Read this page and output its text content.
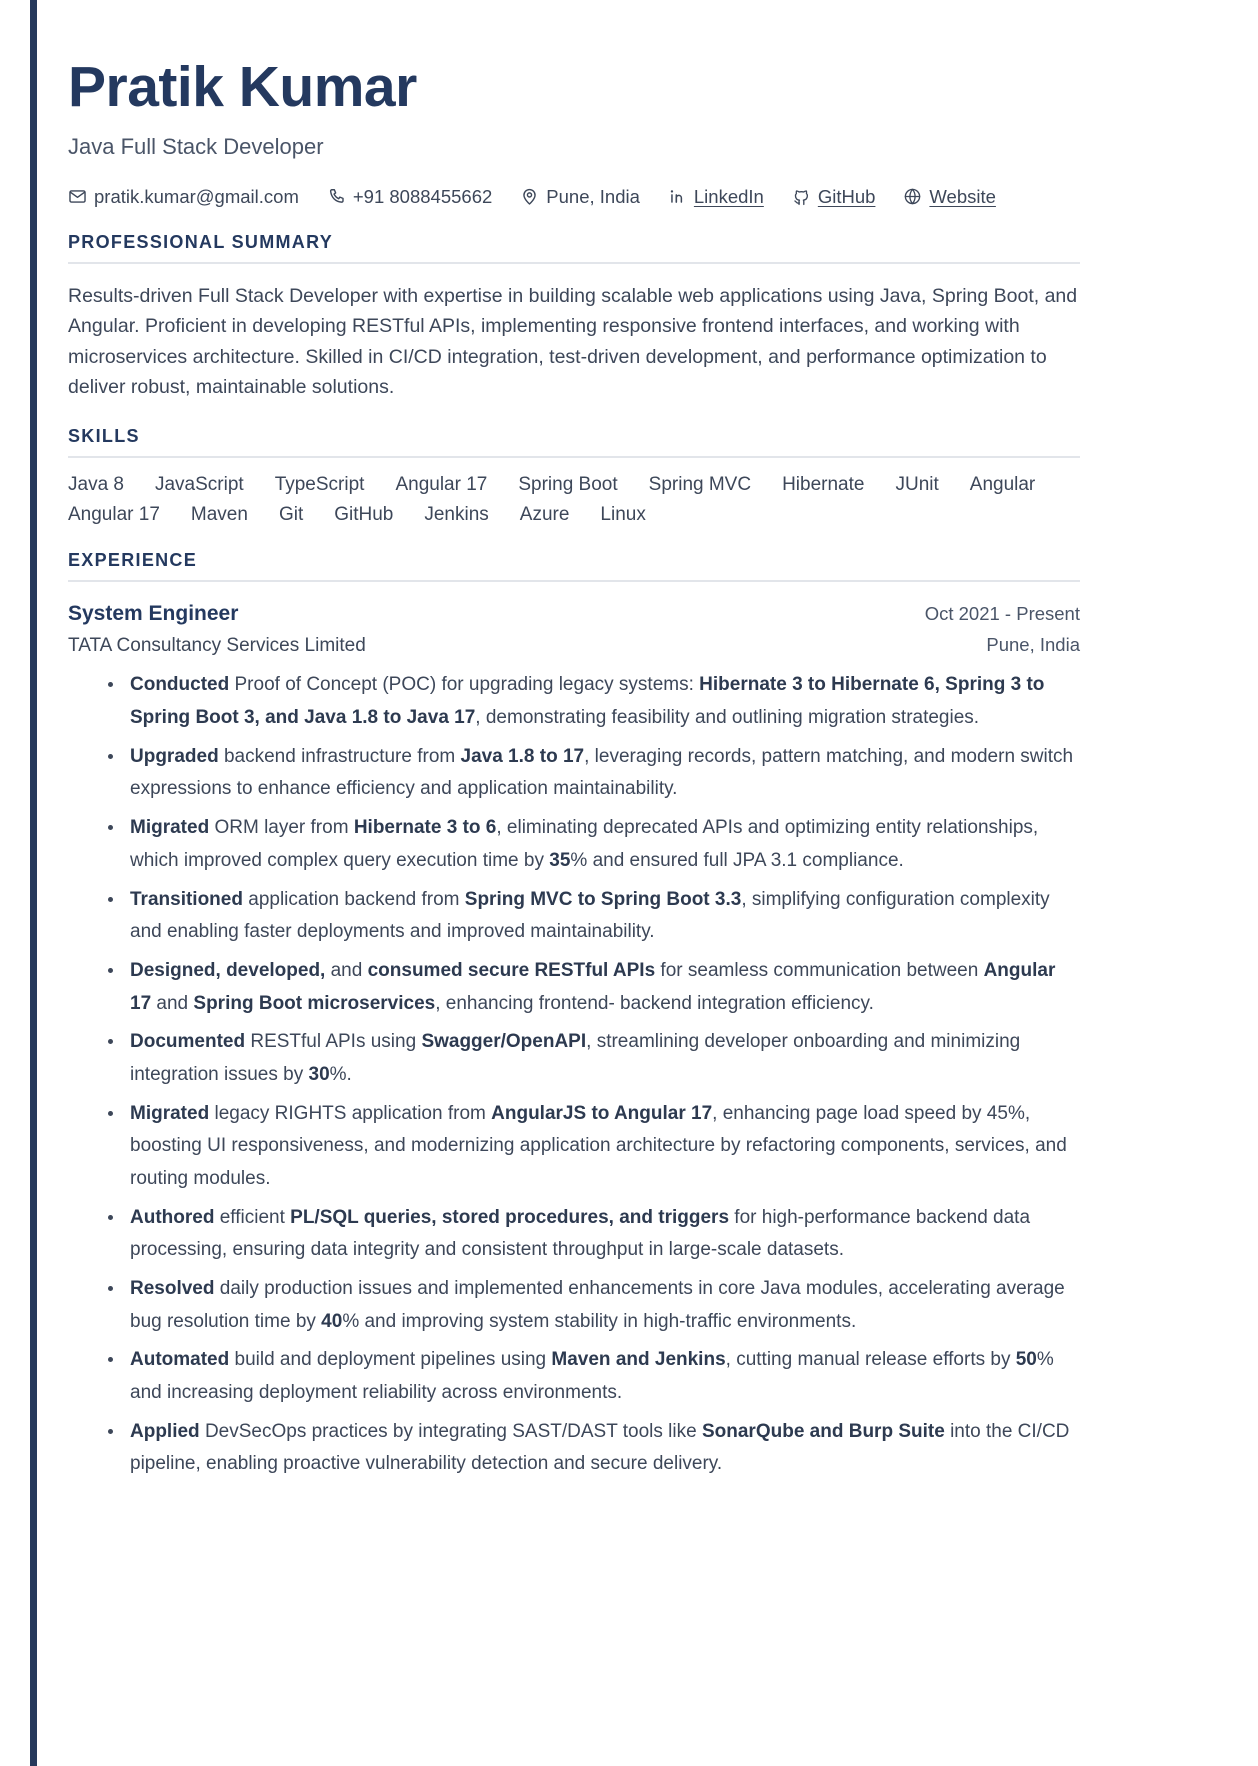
Pratik Kumar
Java Full Stack Developer
pratik.kumar@gmail.com	+91 8088455662	Pune, India	LinkedIn	GitHub	Website
PROFESSIONAL SUMMARY

Results-driven Full Stack Developer with expertise in building scalable web applications using Java, Spring Boot, and Angular. Proficient in developing RESTful APIs, implementing responsive frontend interfaces, and working with microservices architecture. Skilled in CI/CD integration, test-driven development, and performance optimization to deliver robust, maintainable solutions.

SKILLS
Java 8 JavaScript TypeScript Angular 17 Spring Boot Spring MVC Hibernate JUnit Angular
Angular 17 Maven Git GitHub Jenkins Azure Linux
EXPERIENCE
System Engineer	Oct 2021 - Present
TATA Consultancy Services Limited	Pune, India
Conducted Proof of Concept (POC) for upgrading legacy systems: Hibernate 3 to Hibernate 6, Spring 3 to Spring Boot 3, and Java 1.8 to Java 17, demonstrating feasibility and outlining migration strategies.
Upgraded backend infrastructure from Java 1.8 to 17, leveraging records, pattern matching, and modern switch expressions to enhance efficiency and application maintainability.
Migrated ORM layer from Hibernate 3 to 6, eliminating deprecated APIs and optimizing entity relationships, which improved complex query execution time by 35% and ensured full JPA 3.1 compliance.
Transitioned application backend from Spring MVC to Spring Boot 3.3, simplifying configuration complexity and enabling faster deployments and improved maintainability.
Designed, developed, and consumed secure RESTful APIs for seamless communication between Angular 17 and Spring Boot microservices, enhancing frontend- backend integration efficiency.
Documented RESTful APIs using Swagger/OpenAPI, streamlining developer onboarding and minimizing integration issues by 30%.
Migrated legacy RIGHTS application from AngularJS to Angular 17, enhancing page load speed by 45%, boosting UI responsiveness, and modernizing application architecture by refactoring components, services, and routing modules.
Authored efficient PL/SQL queries, stored procedures, and triggers for high-performance backend data processing, ensuring data integrity and consistent throughput in large-scale datasets.
Resolved daily production issues and implemented enhancements in core Java modules, accelerating average bug resolution time by 40% and improving system stability in high-traffic environments.
Automated build and deployment pipelines using Maven and Jenkins, cutting manual release efforts by 50% and increasing deployment reliability across environments.
Applied DevSecOps practices by integrating SAST/DAST tools like SonarQube and Burp Suite into the CI/CD pipeline, enabling proactive vulnerability detection and secure delivery.
